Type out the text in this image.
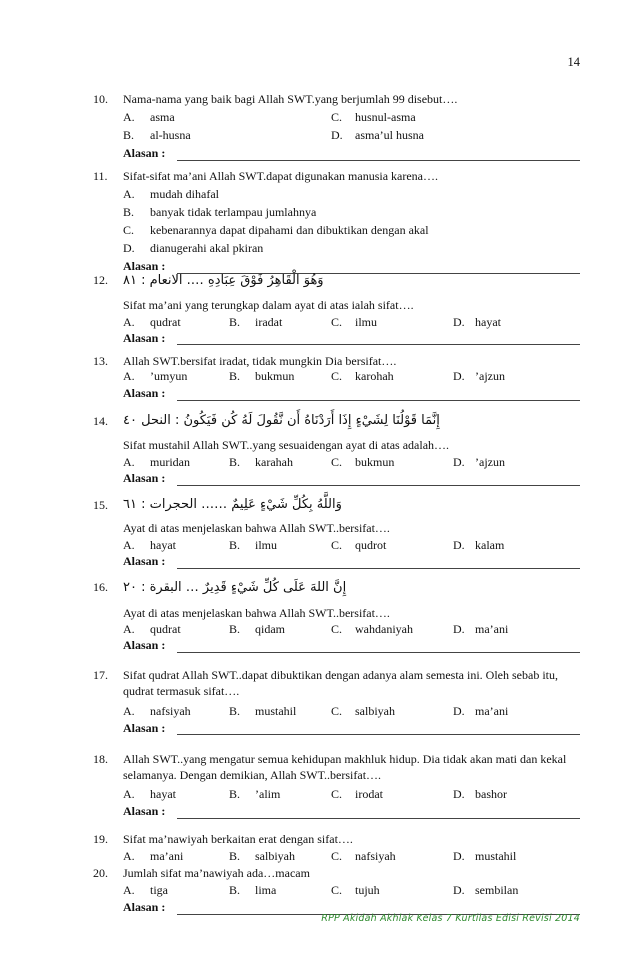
14
10. Nama-nama yang baik bagi Allah SWT.yang berjumlah 99 disebut….
A. asma	C. husnul-asma
B. al-husna	D. asma’ul husna
Alasan :
11. Sifat-sifat ma’ani Allah SWT.dapat digunakan manusia karena….
A. mudah dihafal
B. banyak tidak terlampau jumlahnya
C. kebenarannya dapat dipahami dan dibuktikan dengan akal
D. dianugerahi akal pkiran
Alasan :
12. وَهُوَ الْقَاهِرُ فَوْقَ عِبَادِهِ …. الانعام : ٨١
Sifat ma’ani yang terungkap dalam ayat di atas ialah sifat….
A. qudrat	B. iradat	C. ilmu	D. hayat
Alasan :
13. Allah SWT.bersifat iradat, tidak mungkin Dia bersifat….
A. ’umyun	B. bukmun	C. karohah	D. ’ajzun
Alasan :
14. إِنَّمَا قَوْلُنَا لِشَيْءٍ إِذَا أَرَدْنَاهُ أَن نَّقُولَ لَهُ كُن فَيَكُونُ : النحل ٤٠
Sifat mustahil Allah SWT..yang sesuaidengan ayat di atas adalah….
A. muridan	B. karahah	C. bukmun	D. ’ajzun
Alasan :
15. وَاللَّهُ بِكُلِّ شَيْءٍ عَلِيمٌ …… الحجرات : ٦١
Ayat di atas menjelaskan bahwa Allah SWT..bersifat….
A. hayat	B. ilmu	C. qudrot	D. kalam
Alasan :
16. إِنَّ اللهَ عَلَى كُلِّ شَيْءٍ قَدِيرٌ … البقرة : ٢٠
Ayat di atas menjelaskan bahwa Allah SWT..bersifat….
A. qudrat	B. qidam	C. wahdaniyah	D. ma’ani
Alasan :
17. Sifat qudrat Allah SWT..dapat dibuktikan dengan adanya alam semesta ini. Oleh sebab itu, qudrat termasuk sifat….
A. nafsiyah	B. mustahil	C. salbiyah	D. ma’ani
Alasan :
18. Allah SWT..yang mengatur semua kehidupan makhluk hidup. Dia tidak akan mati dan kekal selamanya. Dengan demikian, Allah SWT..bersifat….
A. hayat	B. ’alim	C. irodat	D. bashor
Alasan :
19. Sifat ma’nawiyah berkaitan erat dengan sifat….
A. ma’ani	B. salbiyah	C. nafsiyah	D. mustahil
20. Jumlah sifat ma’nawiyah ada…macam
A. tiga	B. lima	C. tujuh	D. sembilan
Alasan :
RPP Akidah Akhlak Kelas 7 Kurtilas Edisi Revisi 2014
